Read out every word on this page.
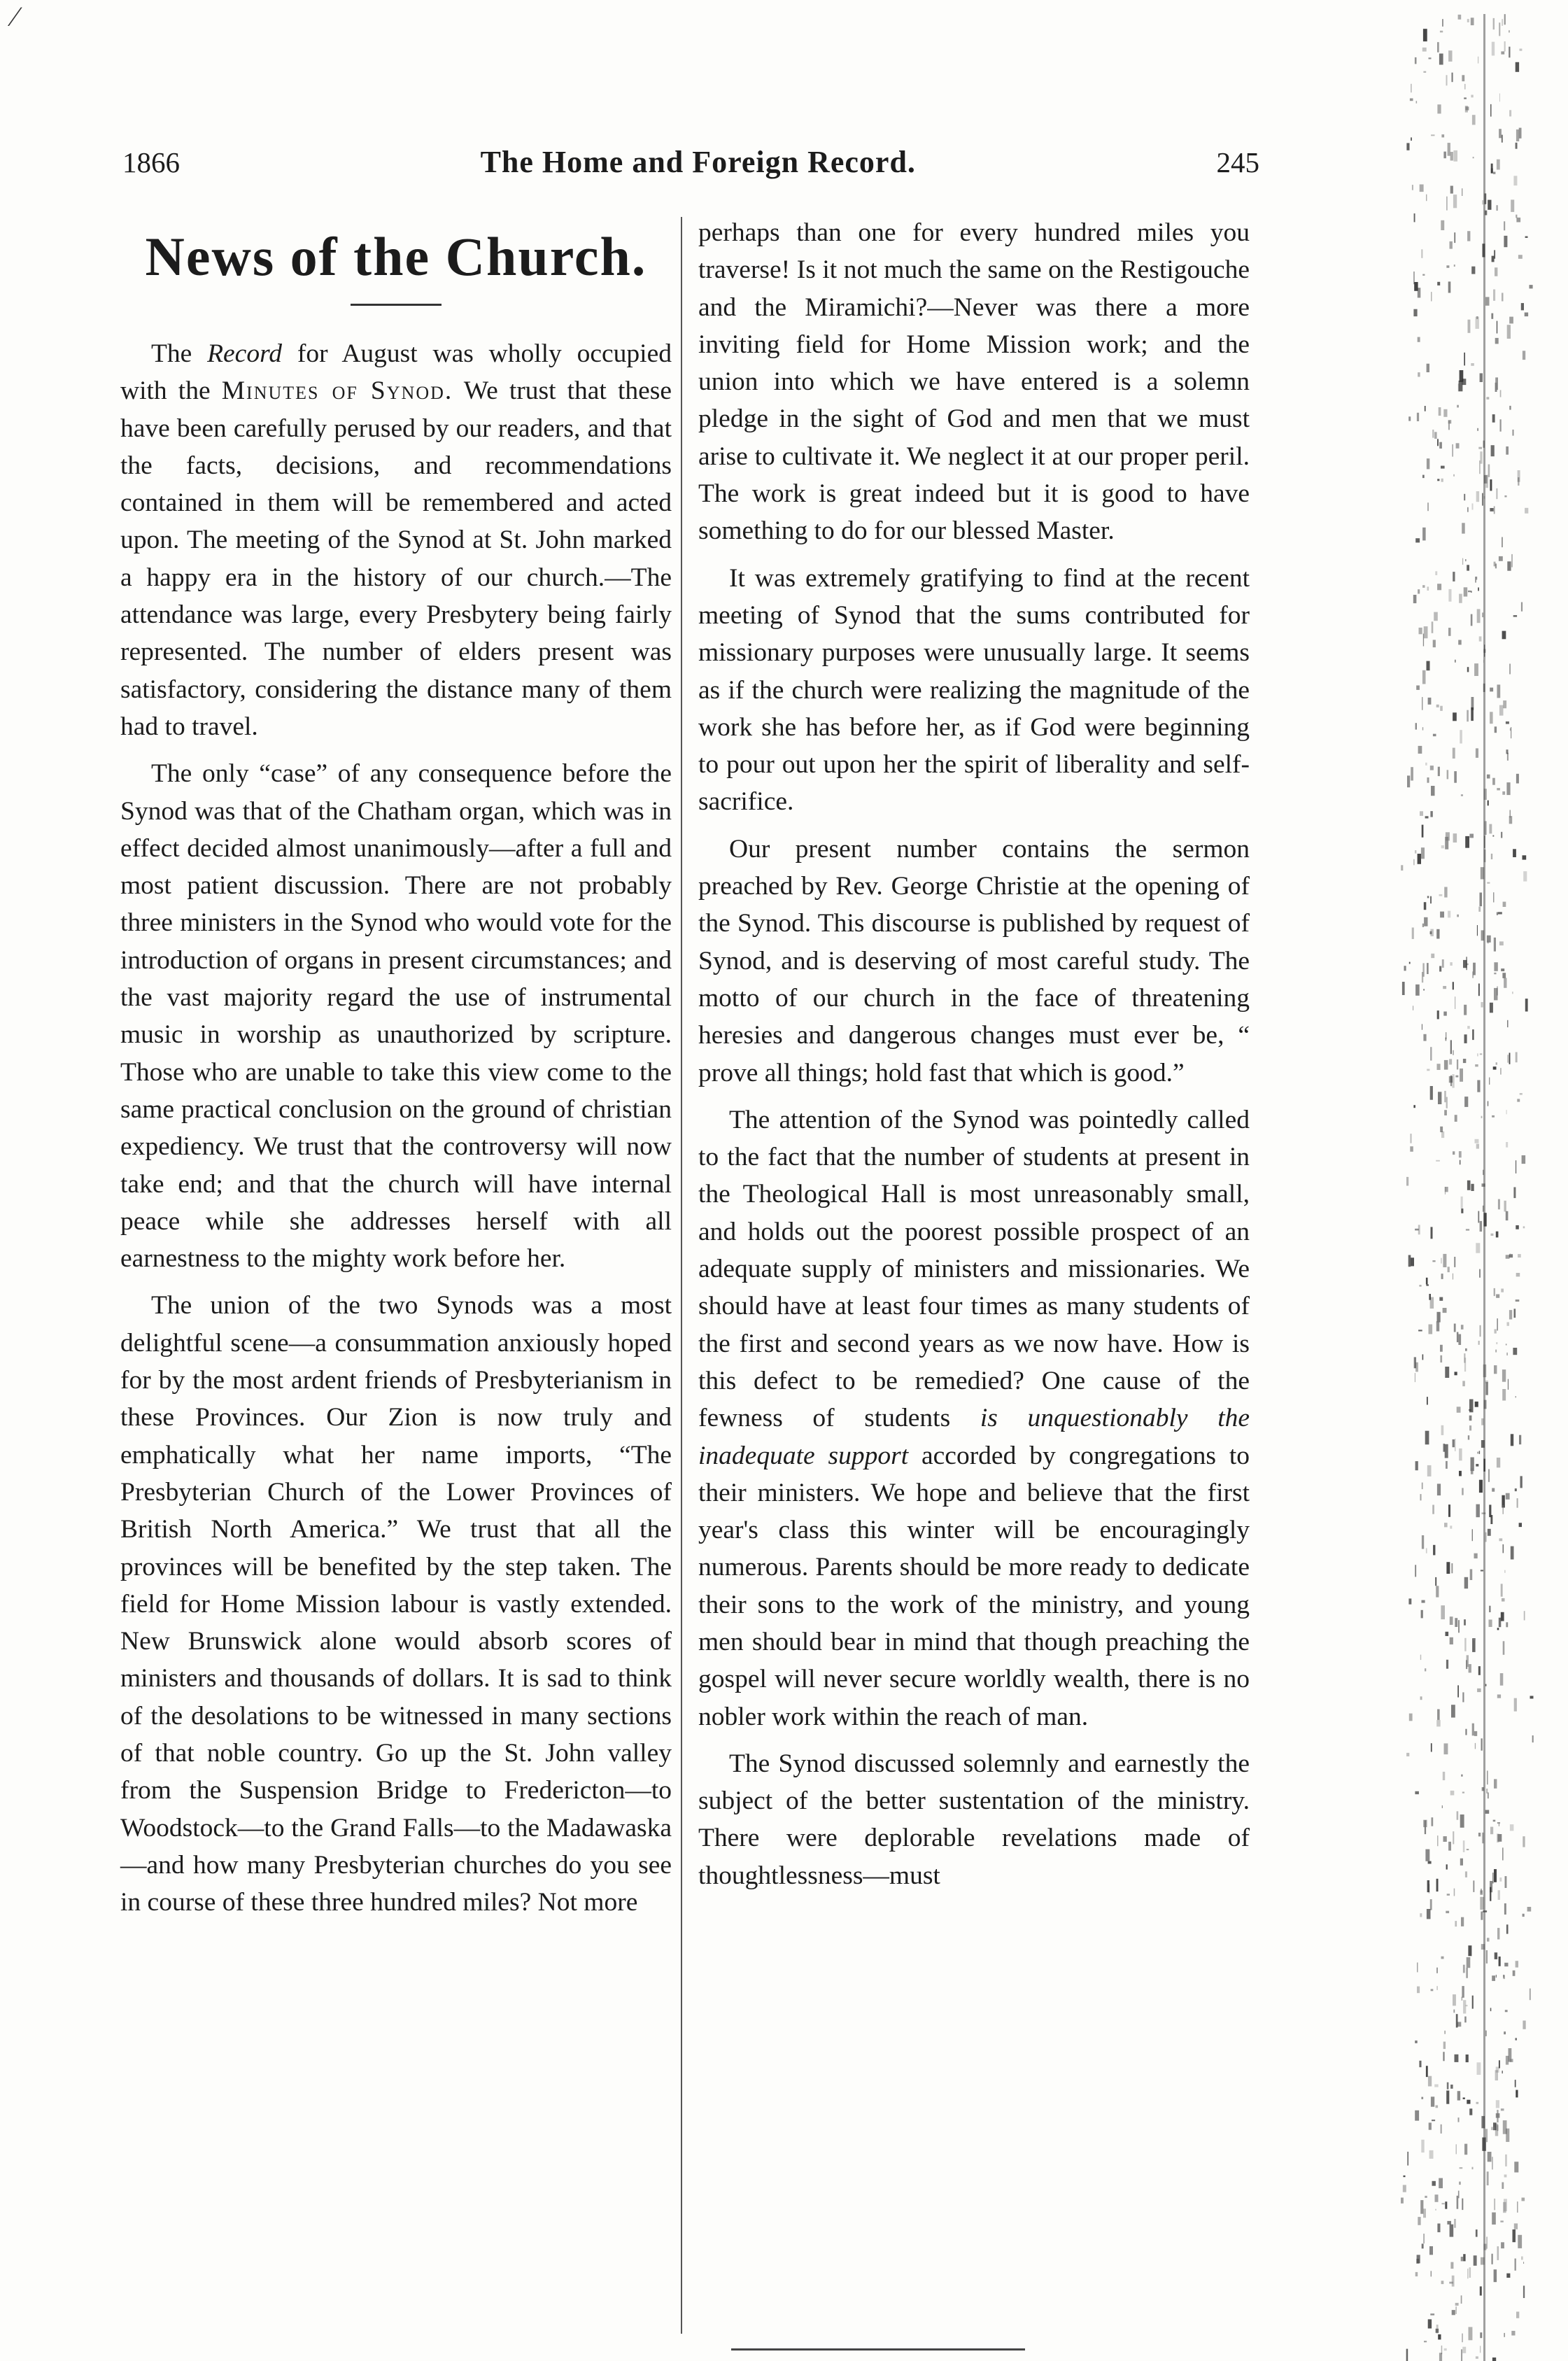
⁄
1866	The Home and Foreign Record.	245
News of the Church.

The Record for August was wholly occupied with the Minutes of Synod. We trust that these have been carefully perused by our readers, and that the facts, decisions, and recommendations contained in them will be remembered and acted upon. The meeting of the Synod at St. John marked a happy era in the history of our church.—The attendance was large, every Presbytery being fairly represented. The number of elders present was satisfactory, considering the distance many of them had to travel.

The only “case” of any consequence before the Synod was that of the Chatham organ, which was in effect decided almost unanimously—after a full and most patient discussion. There are not probably three ministers in the Synod who would vote for the introduction of organs in present circumstances; and the vast majority regard the use of instrumental music in worship as unauthorized by scripture. Those who are unable to take this view come to the same practical conclusion on the ground of christian expediency. We trust that the controversy will now take end; and that the church will have internal peace while she addresses herself with all earnestness to the mighty work before her.

The union of the two Synods was a most delightful scene—a consummation anxiously hoped for by the most ardent friends of Presbyterianism in these Provinces. Our Zion is now truly and emphatically what her name imports, “The Presbyterian Church of the Lower Provinces of British North America.” We trust that all the provinces will be benefited by the step taken. The field for Home Mission labour is vastly extended. New Brunswick alone would absorb scores of ministers and thousands of dollars. It is sad to think of the desolations to be witnessed in many sections of that noble country. Go up the St. John valley from the Suspension Bridge to Fredericton—to Woodstock—to the Grand Falls—to the Madawaska—and how many Presbyterian churches do you see in course of these three hundred miles? Not more

perhaps than one for every hundred miles you traverse! Is it not much the same on the Restigouche and the Miramichi?—Never was there a more inviting field for Home Mission work; and the union into which we have entered is a solemn pledge in the sight of God and men that we must arise to cultivate it. We neglect it at our proper peril. The work is great indeed but it is good to have something to do for our blessed Master.

It was extremely gratifying to find at the recent meeting of Synod that the sums contributed for missionary purposes were unusually large. It seems as if the church were realizing the magnitude of the work she has before her, as if God were beginning to pour out upon her the spirit of liberality and self-sacrifice.

Our present number contains the sermon preached by Rev. George Christie at the opening of the Synod. This discourse is published by request of Synod, and is deserving of most careful study. The motto of our church in the face of threatening heresies and dangerous changes must ever be, “ prove all things; hold fast that which is good.”

The attention of the Synod was pointedly called to the fact that the number of students at present in the Theological Hall is most unreasonably small, and holds out the poorest possible prospect of an adequate supply of ministers and missionaries. We should have at least four times as many students of the first and second years as we now have. How is this defect to be remedied? One cause of the fewness of students is unquestionably the inadequate support accorded by congregations to their ministers. We hope and believe that the first year's class this winter will be encouragingly numerous. Parents should be more ready to dedicate their sons to the work of the ministry, and young men should bear in mind that though preaching the gospel will never secure worldly wealth, there is no nobler work within the reach of man.

The Synod discussed solemnly and earnestly the subject of the better sustentation of the ministry. There were deplorable revelations made of thoughtlessness—must
